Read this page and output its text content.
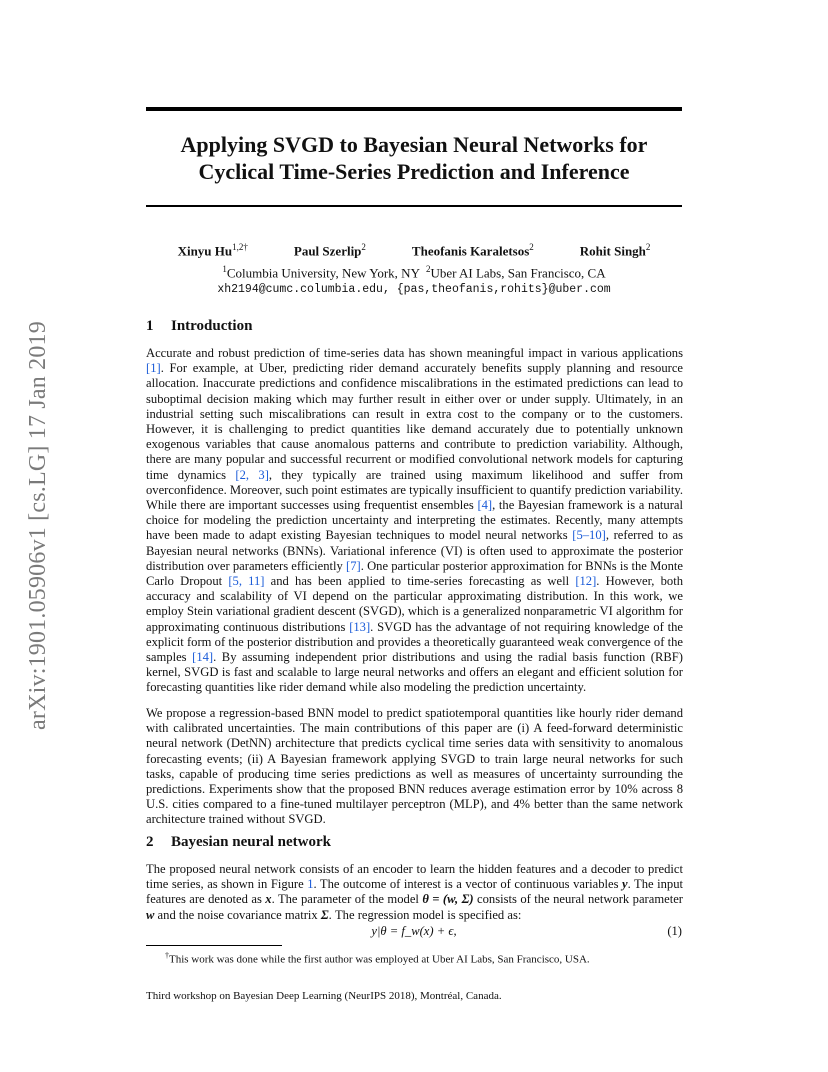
arXiv:1901.05906v1 [cs.LG] 17 Jan 2019
Applying SVGD to Bayesian Neural Networks for
Cyclical Time-Series Prediction and Inference
Xinyu $Hu^{1,2\dagger}$	Paul Szerlip$^2$	Theofanis Karaletsos$^2$	Rohit Singh$^2$
$^1$Columbia University, New York, NY $^2$Uber AI Labs, San Francisco, CA
xh2194@cumc.columbia.edu, {pas,theofanis,rohits}@uber.com
1 Introduction

Accurate and robust prediction of time-series data has shown meaningful impact in various applications [1]. For example, at Uber, predicting rider demand accurately benefits supply planning and resource allocation. Inaccurate predictions and confidence miscalibrations in the estimated predictions can lead to suboptimal decision making which may further result in either over or under supply. Ultimately, in an industrial setting such miscalibrations can result in extra cost to the company or to the customers. However, it is challenging to predict quantities like demand accurately due to potentially unknown exogenous variables that cause anomalous patterns and contribute to prediction variability. Although, there are many popular and successful recurrent or modified convolutional network models for capturing time dynamics [2, 3], they typically are trained using maximum likelihood and suffer from overconfidence. Moreover, such point estimates are typically insufficient to quantify prediction variability. While there are important successes using frequentist ensembles [4], the Bayesian framework is a natural choice for modeling the prediction uncertainty and interpreting the estimates. Recently, many attempts have been made to adapt existing Bayesian techniques to model neural networks [5–10], referred to as Bayesian neural networks (BNNs). Variational inference (VI) is often used to approximate the posterior distribution over parameters efficiently [7]. One particular posterior approximation for BNNs is the Monte Carlo Dropout [5, 11] and has been applied to time-series forecasting as well [12]. However, both accuracy and scalability of VI depend on the particular approximating distribution. In this work, we employ Stein variational gradient descent (SVGD), which is a generalized nonparametric VI algorithm for approximating continuous distributions [13]. SVGD has the advantage of not requiring knowledge of the explicit form of the posterior distribution and provides a theoretically guaranteed weak convergence of the samples [14]. By assuming independent prior distributions and using the radial basis function (RBF) kernel, SVGD is fast and scalable to large neural networks and offers an elegant and efficient solution for forecasting quantities like rider demand while also modeling the prediction uncertainty.

We propose a regression-based BNN model to predict spatiotemporal quantities like hourly rider demand with calibrated uncertainties. The main contributions of this paper are (i) A feed-forward deterministic neural network (DetNN) architecture that predicts cyclical time series data with sensitivity to anomalous forecasting events; (ii) A Bayesian framework applying SVGD to train large neural networks for such tasks, capable of producing time series predictions as well as measures of uncertainty surrounding the predictions. Experiments show that the proposed BNN reduces average estimation error by 10% across 8 U.S. cities compared to a fine-tuned multilayer perceptron (MLP), and 4% better than the same network architecture trained without SVGD.

2 Bayesian neural network

The proposed neural network consists of an encoder to learn the hidden features and a decoder to predict time series, as shown in Figure 1. The outcome of interest is a vector of continuous variables y. The input features are denoted as x. The parameter of the model θ = (w, Σ) consists of the neural network parameter w and the noise covariance matrix Σ. The regression model is specified as:

y|θ = f_w(x) + ϵ,	(1)
†This work was done while the first author was employed at Uber AI Labs, San Francisco, USA.
Third workshop on Bayesian Deep Learning (NeurIPS 2018), Montréal, Canada.
